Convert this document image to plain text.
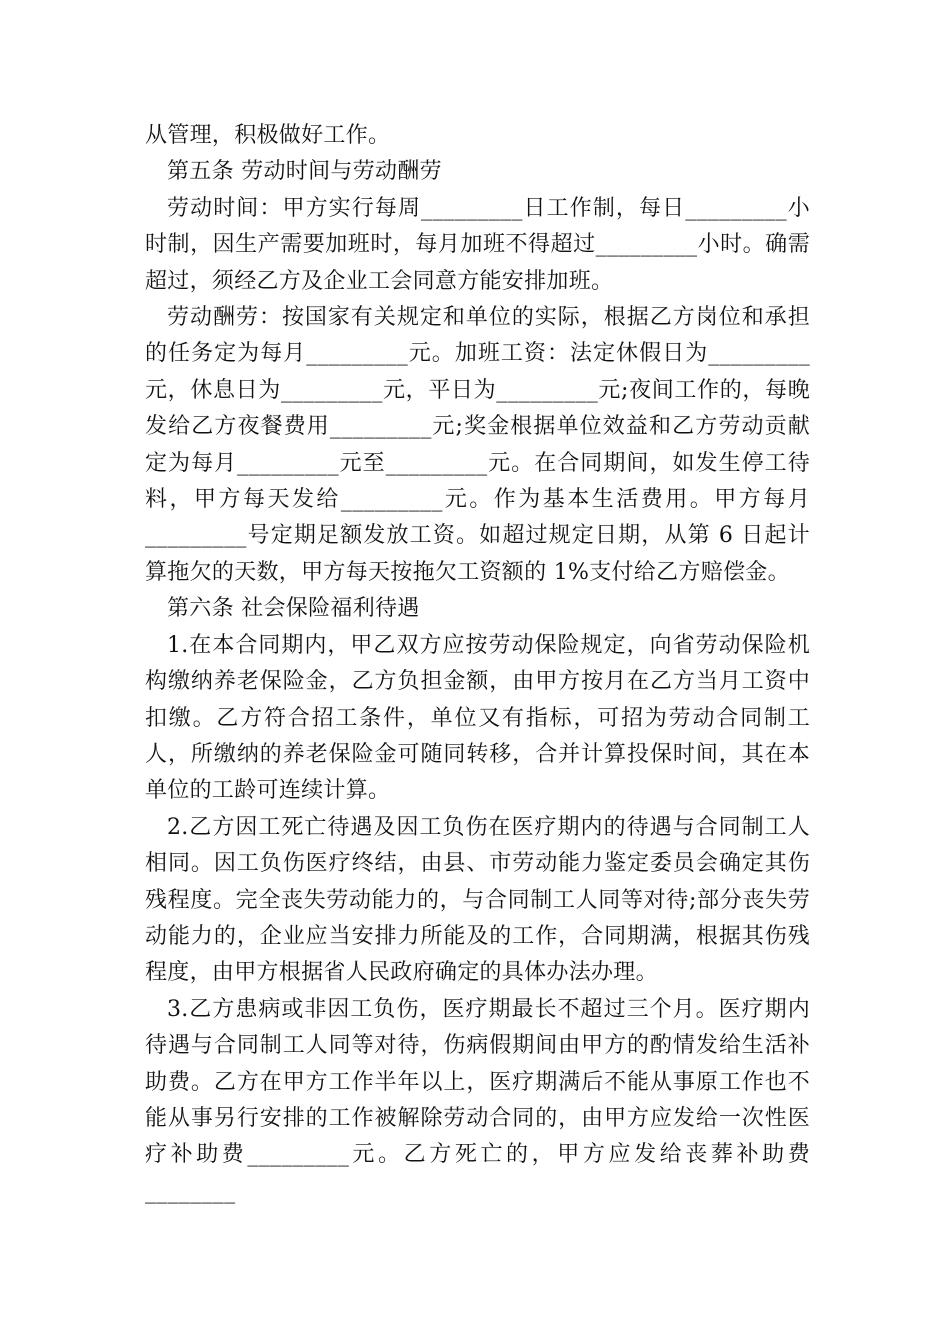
从管理，积极做好工作。

第五条 劳动时间与劳动酬劳

劳动时间：甲方实行每周_________日工作制，每日_________小时制，因生产需要加班时，每月加班不得超过_________小时。确需超过，须经乙方及企业工会同意方能安排加班。

劳动酬劳：按国家有关规定和单位的实际，根据乙方岗位和承担的任务定为每月_________元。加班工资：法定休假日为_________元，休息日为_________元，平日为_________元;夜间工作的，每晚发给乙方夜餐费用_________元;奖金根据单位效益和乙方劳动贡献定为每月_________元至_________元。在合同期间，如发生停工待料，甲方每天发给_________元。作为基本生活费用。甲方每月_________号定期足额发放工资。如超过规定日期，从第 6 日起计算拖欠的天数，甲方每天按拖欠工资额的 1%支付给乙方赔偿金。

第六条 社会保险福利待遇

1.在本合同期内，甲乙双方应按劳动保险规定，向省劳动保险机构缴纳养老保险金，乙方负担金额，由甲方按月在乙方当月工资中扣缴。乙方符合招工条件，单位又有指标，可招为劳动合同制工人，所缴纳的养老保险金可随同转移，合并计算投保时间，其在本单位的工龄可连续计算。

2.乙方因工死亡待遇及因工负伤在医疗期内的待遇与合同制工人相同。因工负伤医疗终结，由县、市劳动能力鉴定委员会确定其伤残程度。完全丧失劳动能力的，与合同制工人同等对待;部分丧失劳动能力的，企业应当安排力所能及的工作，合同期满，根据其伤残程度，由甲方根据省人民政府确定的具体办法办理。

3.乙方患病或非因工负伤，医疗期最长不超过三个月。医疗期内待遇与合同制工人同等对待，伤病假期间由甲方的酌情发给生活补助费。乙方在甲方工作半年以上，医疗期满后不能从事原工作也不能从事另行安排的工作被解除劳动合同的，由甲方应发给一次性医疗补助费_________元。乙方死亡的，甲方应发给丧葬补助费________
